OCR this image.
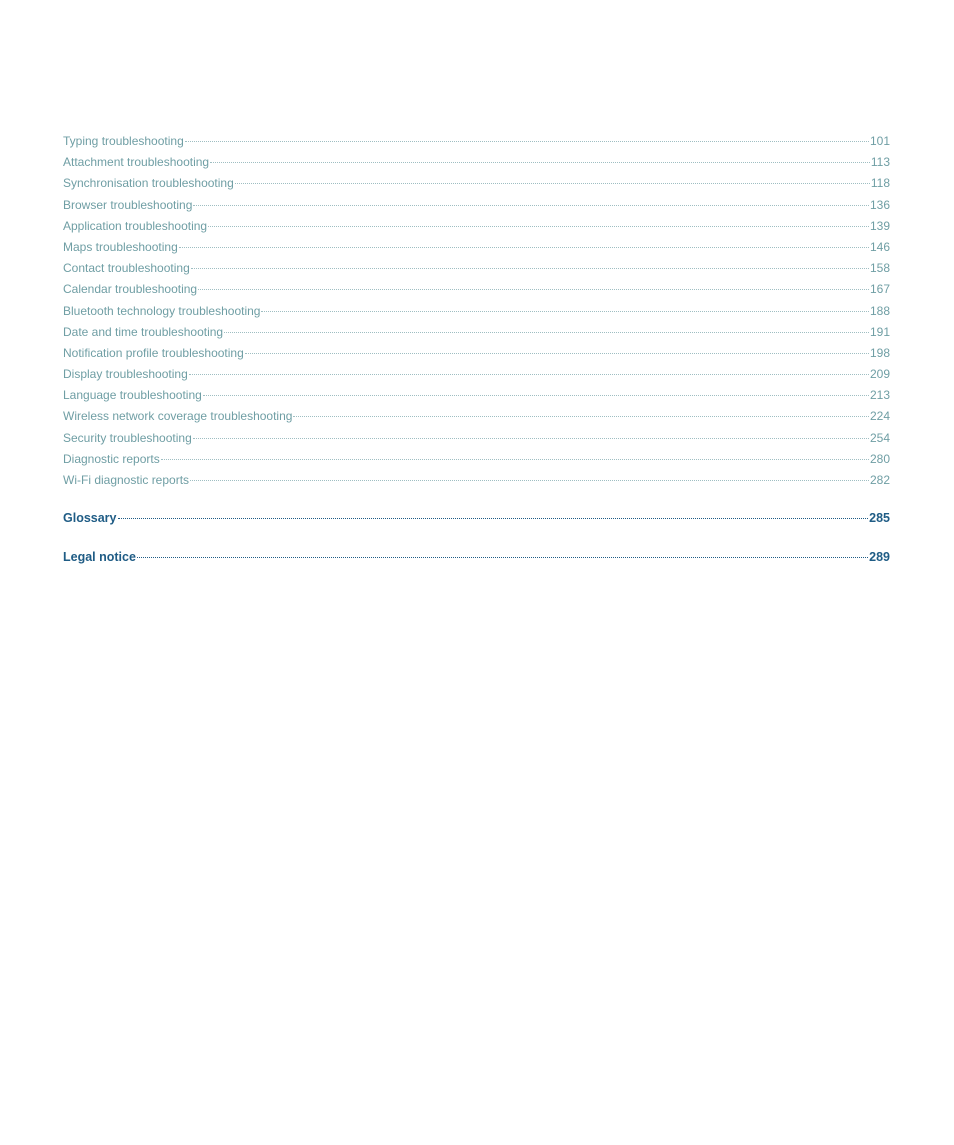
Typing troubleshooting	101
Attachment troubleshooting	113
Synchronisation troubleshooting	118
Browser troubleshooting	136
Application troubleshooting	139
Maps troubleshooting	146
Contact troubleshooting	158
Calendar troubleshooting	167
Bluetooth technology troubleshooting	188
Date and time troubleshooting	191
Notification profile troubleshooting	198
Display troubleshooting	209
Language troubleshooting	213
Wireless network coverage troubleshooting	224
Security troubleshooting	254
Diagnostic reports	280
Wi-Fi diagnostic reports	282
Glossary	285
Legal notice	289
